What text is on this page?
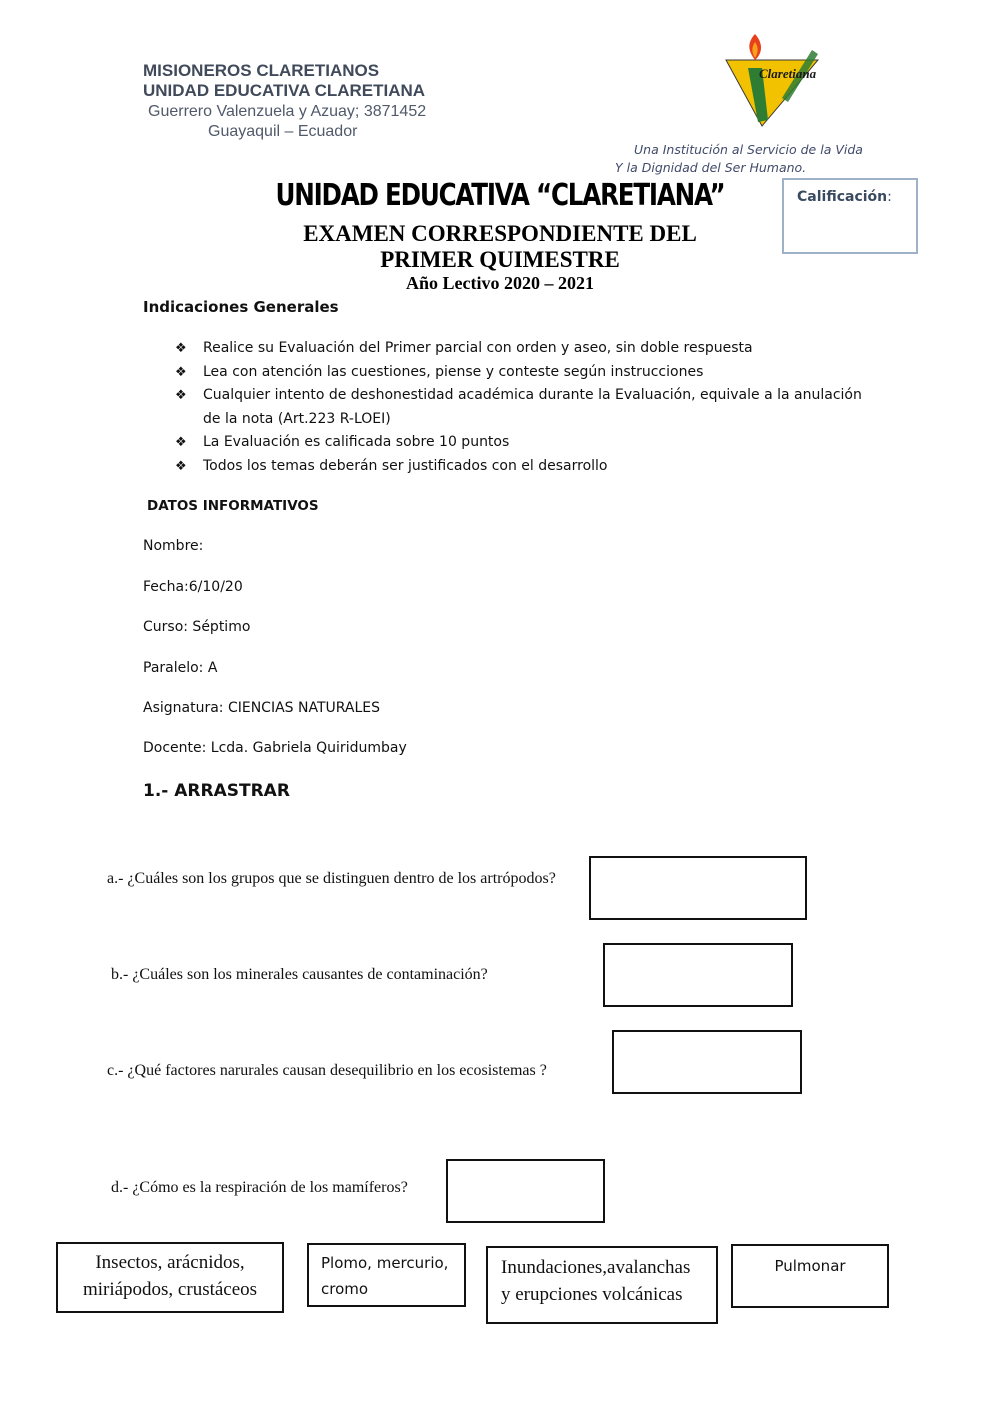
MISIONEROS CLARETIANOS
UNIDAD EDUCATIVA CLARETIANA
Guerrero Valenzuela y Azuay; 3871452
Guayaquil – Ecuador
Claretiana
Una Institución al Servicio de la Vida
Y la Dignidad del Ser Humano.
UNIDAD EDUCATIVA “CLARETIANA”
EXAMEN CORRESPONDIENTE DEL
PRIMER QUIMESTRE
Año Lectivo 2020 – 2021
Calificación:
Indicaciones Generales
❖ Realice su Evaluación del Primer parcial con orden y aseo, sin doble respuesta
❖ Lea con atención las cuestiones, piense y conteste según instrucciones
❖ Cualquier intento de deshonestidad académica durante la Evaluación, equivale a la anulación de la nota (Art.223 R-LOEI)
❖ La Evaluación es calificada sobre 10 puntos
❖ Todos los temas deberán ser justificados con el desarrollo
DATOS INFORMATIVOS
Nombre:
Fecha:6/10/20
Curso: Séptimo
Paralelo: A
Asignatura: CIENCIAS NATURALES
Docente: Lcda. Gabriela Quiridumbay
1.- ARRASTRAR
a.- ¿Cuáles son los grupos que se distinguen dentro de los artrópodos?
b.- ¿Cuáles son los minerales causantes de contaminación?
c.- ¿Qué factores narurales causan desequilibrio en los ecosistemas ?
d.- ¿Cómo es la respiración de los mamíferos?
Insectos, arácnidos,
miriápodos, crustáceos
Plomo, mercurio,
cromo
Inundaciones,avalanchas
y erupciones volcánicas
Pulmonar
